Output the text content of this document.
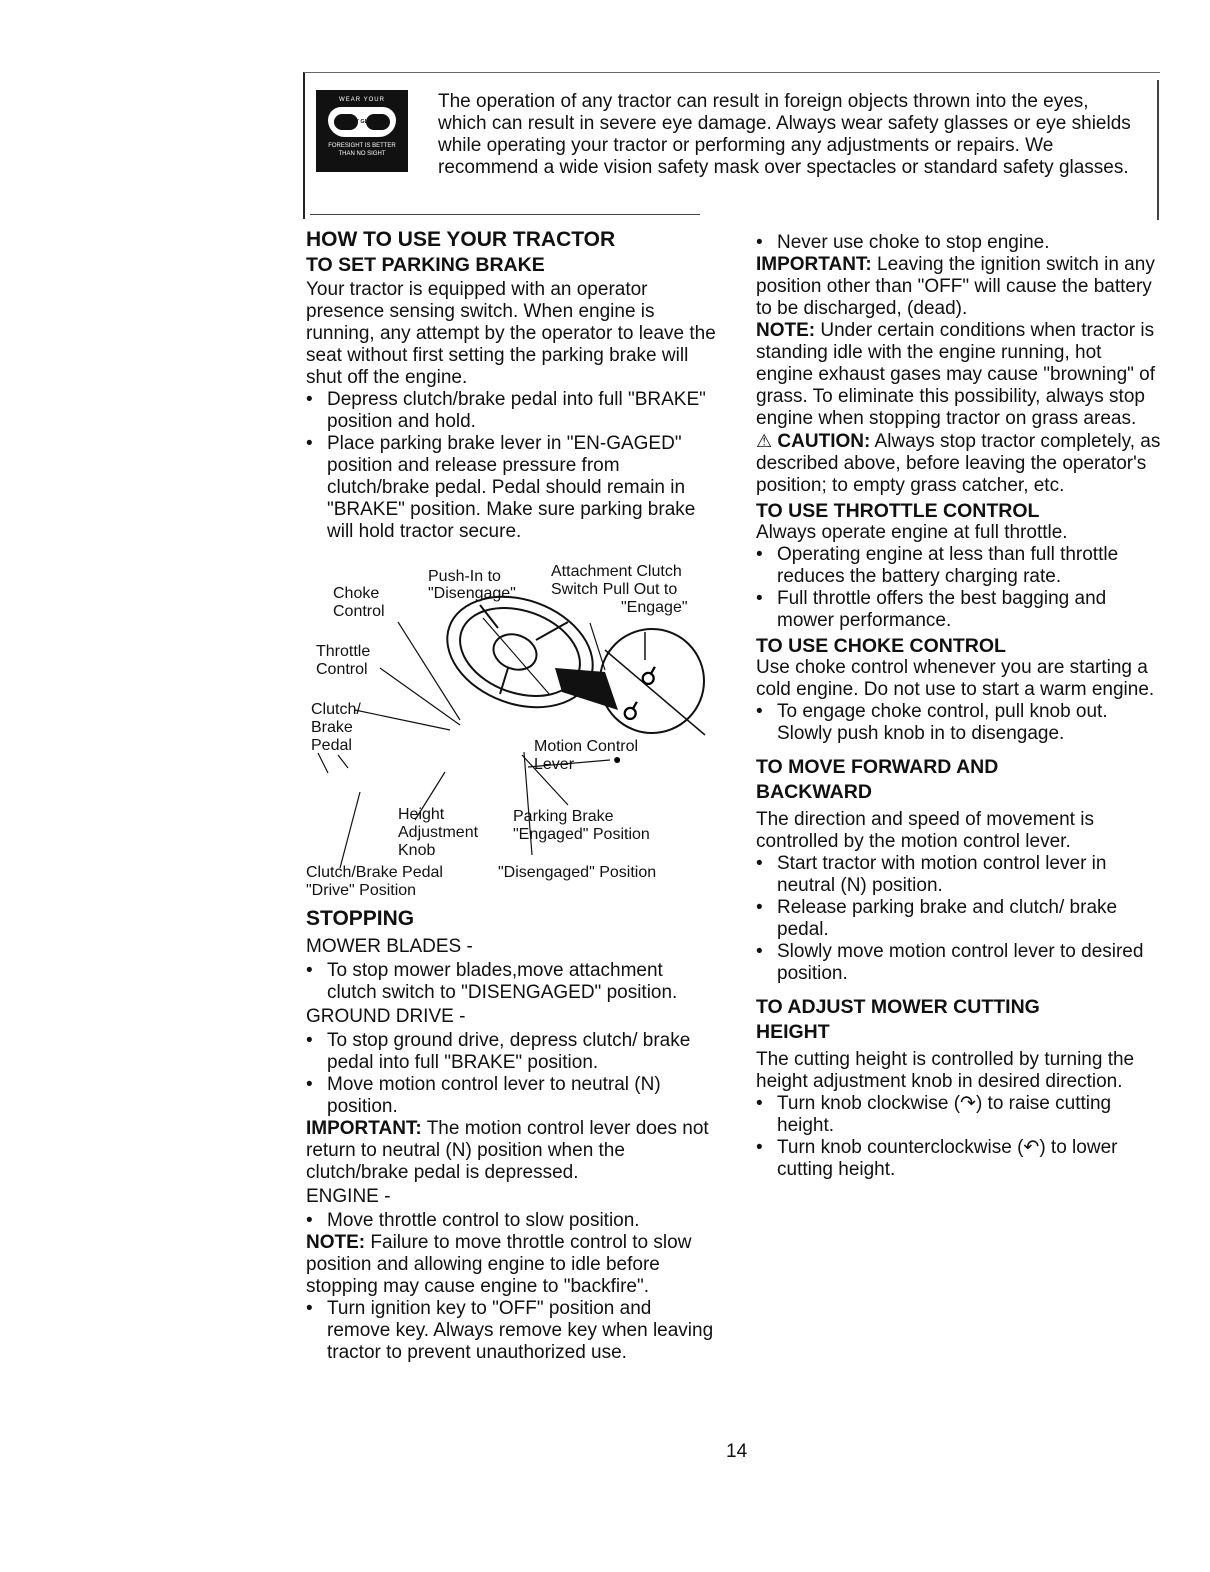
WEAR YOUR
SAFETY GLASSES
FORESIGHT IS BETTER
THAN NO SIGHT
The operation of any tractor can result in foreign objects thrown into the eyes, which can result in severe eye damage. Always wear safety glasses or eye shields while operating your tractor or performing any adjustments or repairs. We recommend a wide vision safety mask over spectacles or standard safety glasses.
HOW TO USE YOUR TRACTOR
TO SET PARKING BRAKE
Your tractor is equipped with an operator presence sensing switch. When engine is running, any attempt by the operator to leave the seat without first setting the parking brake will shut off the engine.
• Depress clutch/brake pedal into full "BRAKE" position and hold.
• Place parking brake lever in "EN-GAGED" position and release pressure from clutch/brake pedal. Pedal should remain in "BRAKE" position. Make sure parking brake will hold tractor secure.
☌
☌
●
Push-In to
"Disengage"
Choke
Control
Attachment Clutch
Switch Pull Out to
"Engage"
Throttle
Control
Clutch/
Brake
Pedal	Motion Control
Lever
Height
Adjustment
Knob
Parking Brake
"Engaged" Position
Clutch/Brake Pedal
"Drive" Position
"Disengaged" Position
STOPPING
MOWER BLADES -
• To stop mower blades,move attachment clutch switch to "DISENGAGED" position.
GROUND DRIVE -
• To stop ground drive, depress clutch/ brake pedal into full "BRAKE" position.
• Move motion control lever to neutral (N) position.
IMPORTANT: The motion control lever does not return to neutral (N) position when the clutch/brake pedal is depressed.
ENGINE -
• Move throttle control to slow position.
NOTE: Failure to move throttle control to slow position and allowing engine to idle before stopping may cause engine to "backfire".
• Turn ignition key to "OFF" position and remove key. Always remove key when leaving tractor to prevent unauthorized use.
• Never use choke to stop engine.
IMPORTANT: Leaving the ignition switch in any position other than "OFF" will cause the battery to be discharged, (dead).
NOTE: Under certain conditions when tractor is standing idle with the engine running, hot engine exhaust gases may cause "browning" of grass. To eliminate this possibility, always stop engine when stopping tractor on grass areas.
⚠ CAUTION: Always stop tractor completely, as described above, before leaving the operator's position; to empty grass catcher, etc.
TO USE THROTTLE CONTROL
Always operate engine at full throttle.
• Operating engine at less than full throttle reduces the battery charging rate.
• Full throttle offers the best bagging and mower performance.
TO USE CHOKE CONTROL
Use choke control whenever you are starting a cold engine. Do not use to start a warm engine.
• To engage choke control, pull knob out. Slowly push knob in to disengage.
TO MOVE FORWARD AND
BACKWARD
The direction and speed of movement is controlled by the motion control lever.
• Start tractor with motion control lever in neutral (N) position.
• Release parking brake and clutch/ brake pedal.
• Slowly move motion control lever to desired position.
TO ADJUST MOWER CUTTING
HEIGHT
The cutting height is controlled by turning the height adjustment knob in desired direction.
• Turn knob clockwise (↷) to raise cutting height.
• Turn knob counterclockwise (↶) to lower cutting height.
14
